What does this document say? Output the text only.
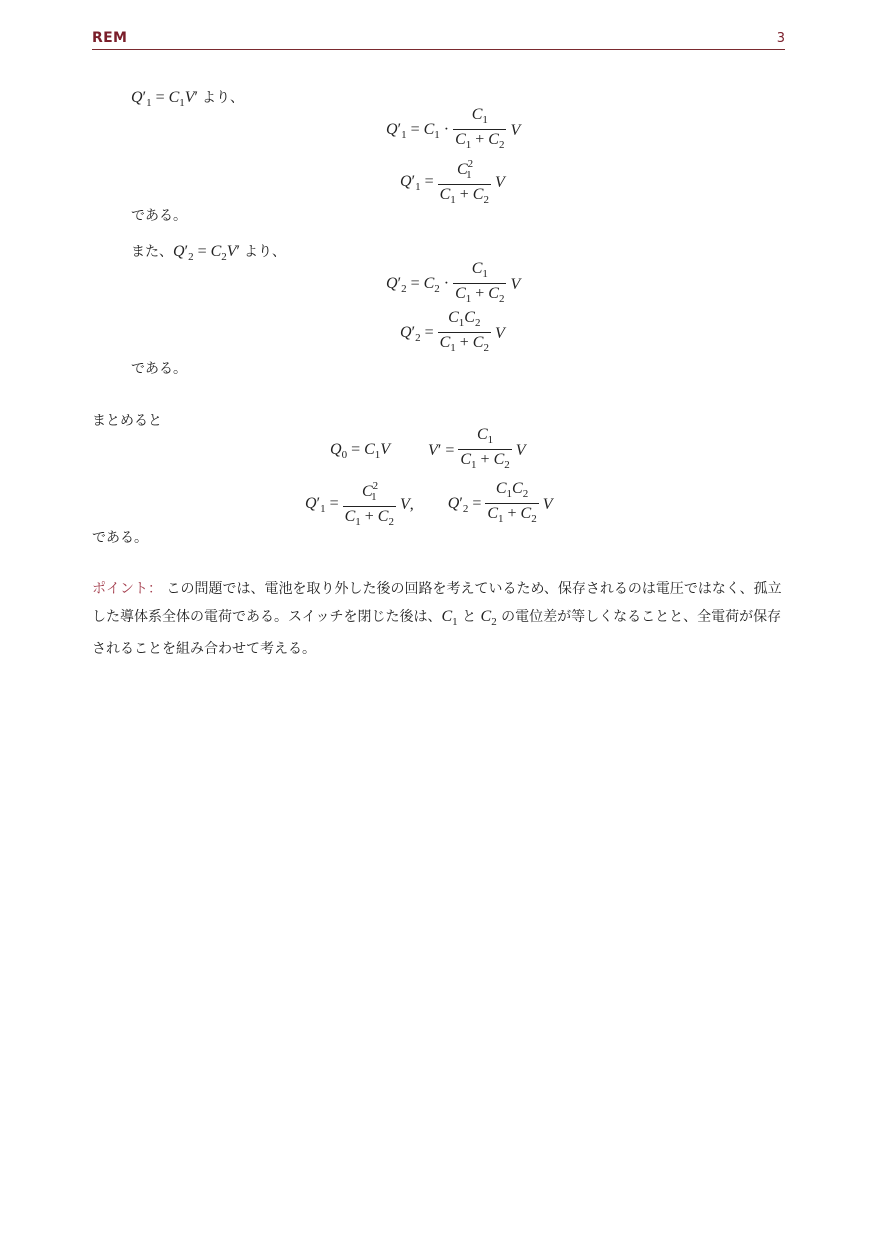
REM	3
$Q'_1 = C_1V'$ より、
$Q'_1 = C_1 \cdot \frac{C_1}{C_1 + C_2}$ V
$Q'_1 = \frac{C^2_1}{C_1 + C_2}$ V
である。
また、$Q'_2 = C_2V'$ より、
$Q'_2 = C_2 \cdot \frac{C_1}{C_1 + C_2}$ V
$Q'_2 = \frac{C_1C_2}{C_1 + C_2}$ V
である。
まとめると
$Q_0 = C_1V$ $V' = \frac{C_1}{C_1 + C_2}$ V
$Q'_1 = \frac{C^2_1}{C_1 + C_2} V$, $Q'_2 = \frac{C_1C_2}{C_1 + C_2}$ V
である。
ポイント： この問題では、電池を取り外した後の回路を考えているため、保存されるのは電圧ではなく、孤立した導体系全体の電荷である。スイッチを閉じた後は、$C_1$ と $C_2$ の電位差が等しくなることと、全電荷が保存されることを組み合わせて考える。
